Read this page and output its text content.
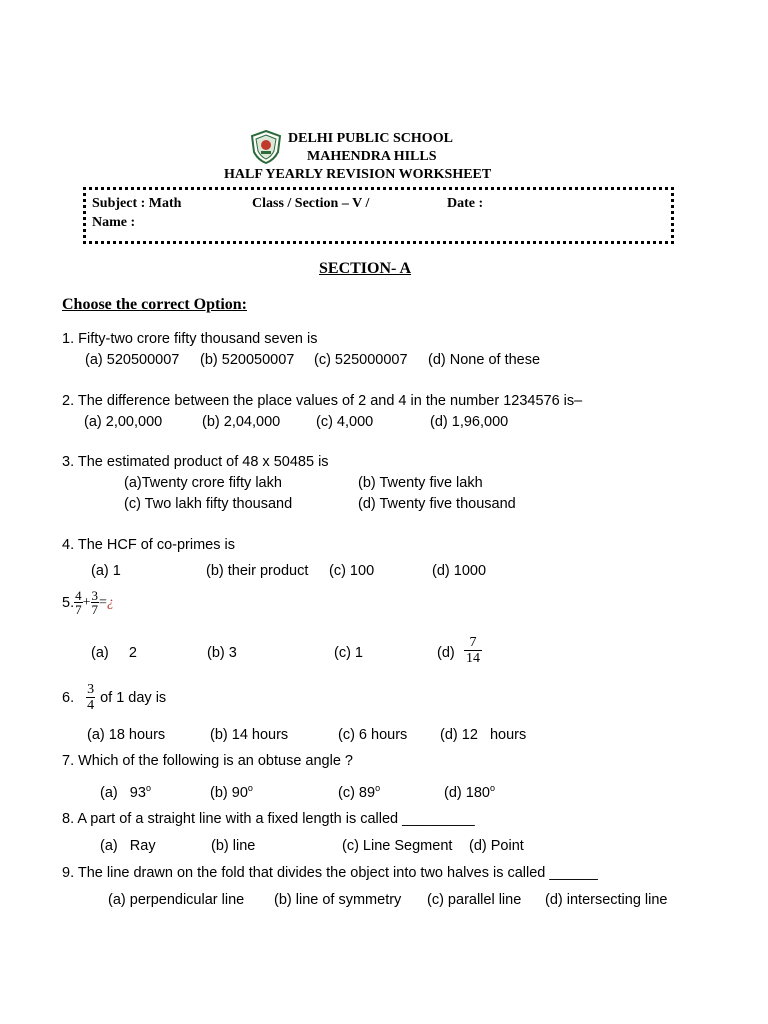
DELHI PUBLIC SCHOOL
MAHENDRA HILLS
HALF YEARLY REVISION WORKSHEET
Subject : Math	Class / Section – V /	Date :
Name :
SECTION- A
Choose the correct Option:
1. Fifty-two crore fifty thousand seven is
(a) 520500007 (b) 520050007 (c) 525000007 (d) None of these
2. The difference between the place values of 2 and 4 in the number 1234576 is–
(a) 2,00,000	(b) 2,04,000 (c) 4,000	(d) 1,96,000
3. The estimated product of 48 x 50485 is
(a)Twenty crore fifty lakh	(b) Twenty five lakh
(c) Two lakh fifty thousand	(d) Twenty five thousand
4. The HCF of co-primes is
(a) 1	(b) their product (c) 100	(d) 1000
5. $\frac{4}{7} + \frac{3}{7}$ = ¿
(a)     2	(b) 3	(c) 1	$(d) \frac{7}{14}$
6. $\frac{3}{4}$ of 1 day is
(a) 18 hours	(b) 14 hours	(c) 6 hours (d) 12   hours
7. Which of the following is an obtuse angle ?
(a)   93$^o$	(b) 90$^o$	(c) 89$^o$	(d) 180$^o$
8. A part of a straight line with a fixed length is called _________
(a)   Ray	(b) line	(c) Line Segment (d) Point
9. The line drawn on the fold that divides the object into two halves is called ______
(a) perpendicular line (b) line of symmetry (c) parallel line (d) intersecting line
